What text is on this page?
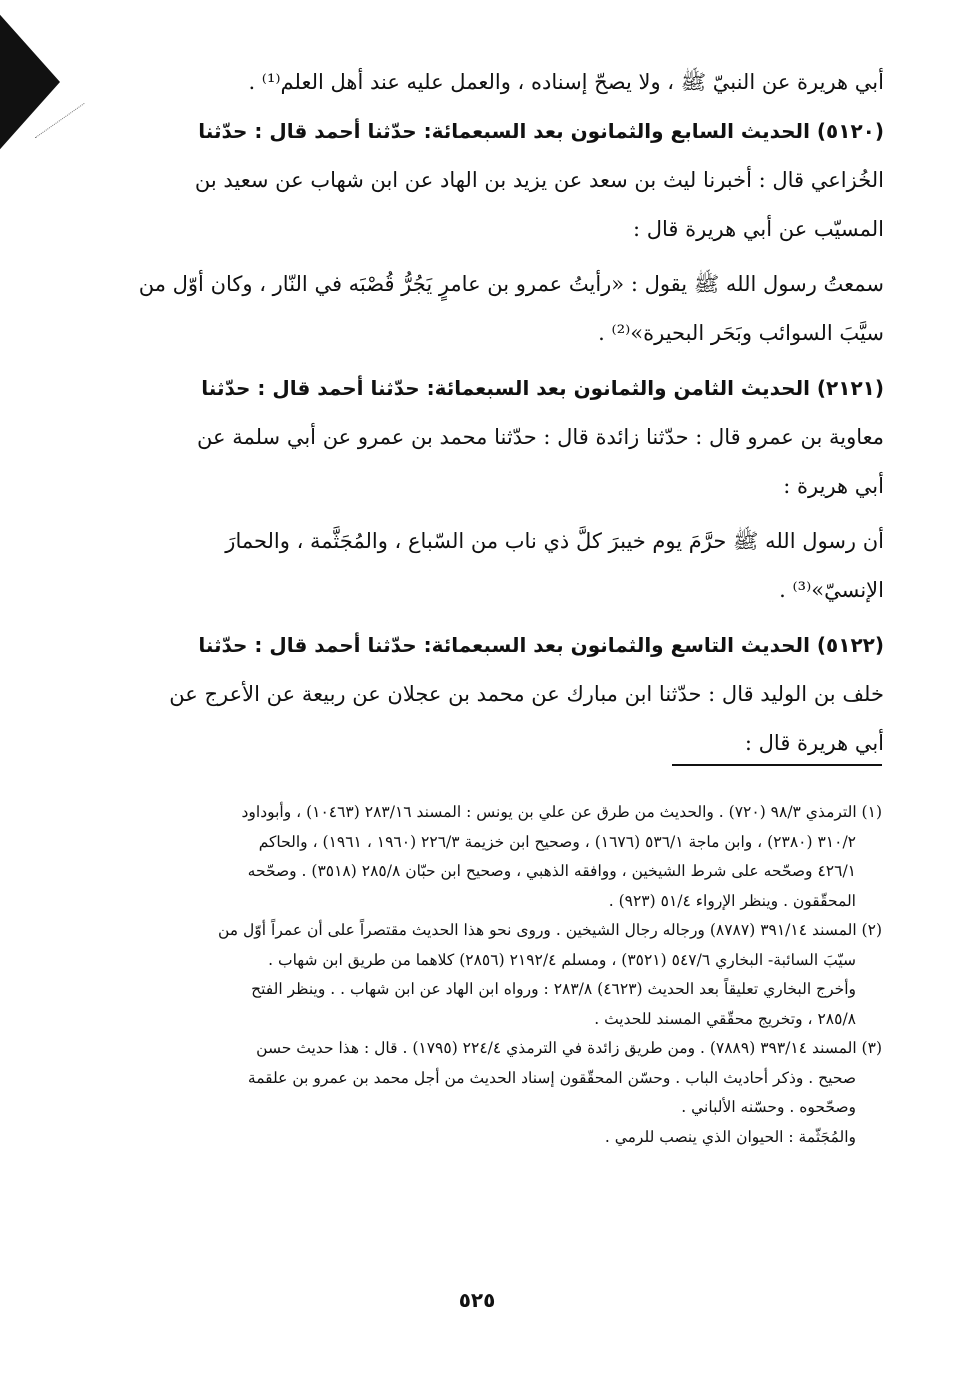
أبي هريرة عن النبيّ ﷺ ، ولا يصحّ إسناده ، والعمل عليه عند أهل العلم⁽¹⁾ .
(٥١٢٠) الحديث السابع والثمانون بعد السبعمائة: حدّثنا أحمد قال : حدّثنا
الخُزاعي قال : أخبرنا ليث بن سعد عن يزيد بن الهاد عن ابن شهاب عن سعيد بن
المسيّب عن أبي هريرة قال :
سمعتُ رسول الله ﷺ يقول : «رأيتُ عمرو بن عامرٍ يَجُرُّ قُصْبَه في النّار ، وكان أوّل من
سيَّبَ السوائب وبَحَر البحيرة»⁽²⁾ .
(٢١٢١) الحديث الثامن والثمانون بعد السبعمائة: حدّثنا أحمد قال : حدّثنا
معاوية بن عمرو قال : حدّثنا زائدة قال : حدّثنا محمد بن عمرو عن أبي سلمة عن
أبي هريرة :
أن رسول الله ﷺ حرَّمَ يوم خيبرَ كلَّ ذي ناب من السّباع ، والمُجَثَّمة ، والحمارَ
الإنسيّ»⁽³⁾ .
(٥١٢٢) الحديث التاسع والثمانون بعد السبعمائة: حدّثنا أحمد قال : حدّثنا
خلف بن الوليد قال : حدّثنا ابن مبارك عن محمد بن عجلان عن ربيعة عن الأعرج عن
أبي هريرة قال :
(١) الترمذي ٩٨/٣ (٧٢٠) . والحديث من طرق عن علي بن يونس : المسند ٢٨٣/١٦ (١٠٤٦٣) ، وأبوداود
٣١٠/٢ (٢٣٨٠) ، وابن ماجة ٥٣٦/١ (١٦٧٦) ، وصحيح ابن خزيمة ٢٢٦/٣ (١٩٦٠ ، ١٩٦١) ، والحاكم
٤٢٦/١ وصحّحه على شرط الشيخين ، ووافقه الذهبي ، وصحيح ابن حبّان ٢٨٥/٨ (٣٥١٨) . وصحّحه
المحقّقون . وينظر الإرواء ٥١/٤ (٩٢٣) .
(٢) المسند ٣٩١/١٤ (٨٧٨٧) ورجاله رجال الشيخين . وروى نحو هذا الحديث مقتصراً على أن عمراً أوّل من
سيّبَ السائبة- البخاري ٥٤٧/٦ (٣٥٢١) ، ومسلم ٢١٩٢/٤ (٢٨٥٦) كلاهما من طريق ابن شهاب .
وأخرج البخاري تعليقاً بعد الحديث (٤٦٢٣) ٢٨٣/٨ : ورواه ابن الهاد عن ابن شهاب . . وينظر الفتح
٢٨٥/٨ ، وتخريج محقّقي المسند للحديث .
(٣) المسند ٣٩٣/١٤ (٧٨٨٩) . ومن طريق زائدة في الترمذي ٢٢٤/٤ (١٧٩٥) . قال : هذا حديث حسن
صحيح . وذكر أحاديث الباب . وحسّن المحقّقون إسناد الحديث من أجل محمد بن عمرو بن علقمة
وصحّحوه . وحسّنه الألباني .
والمُجَثّمة : الحيوان الذي ينصب للرمي .
٥٢٥
